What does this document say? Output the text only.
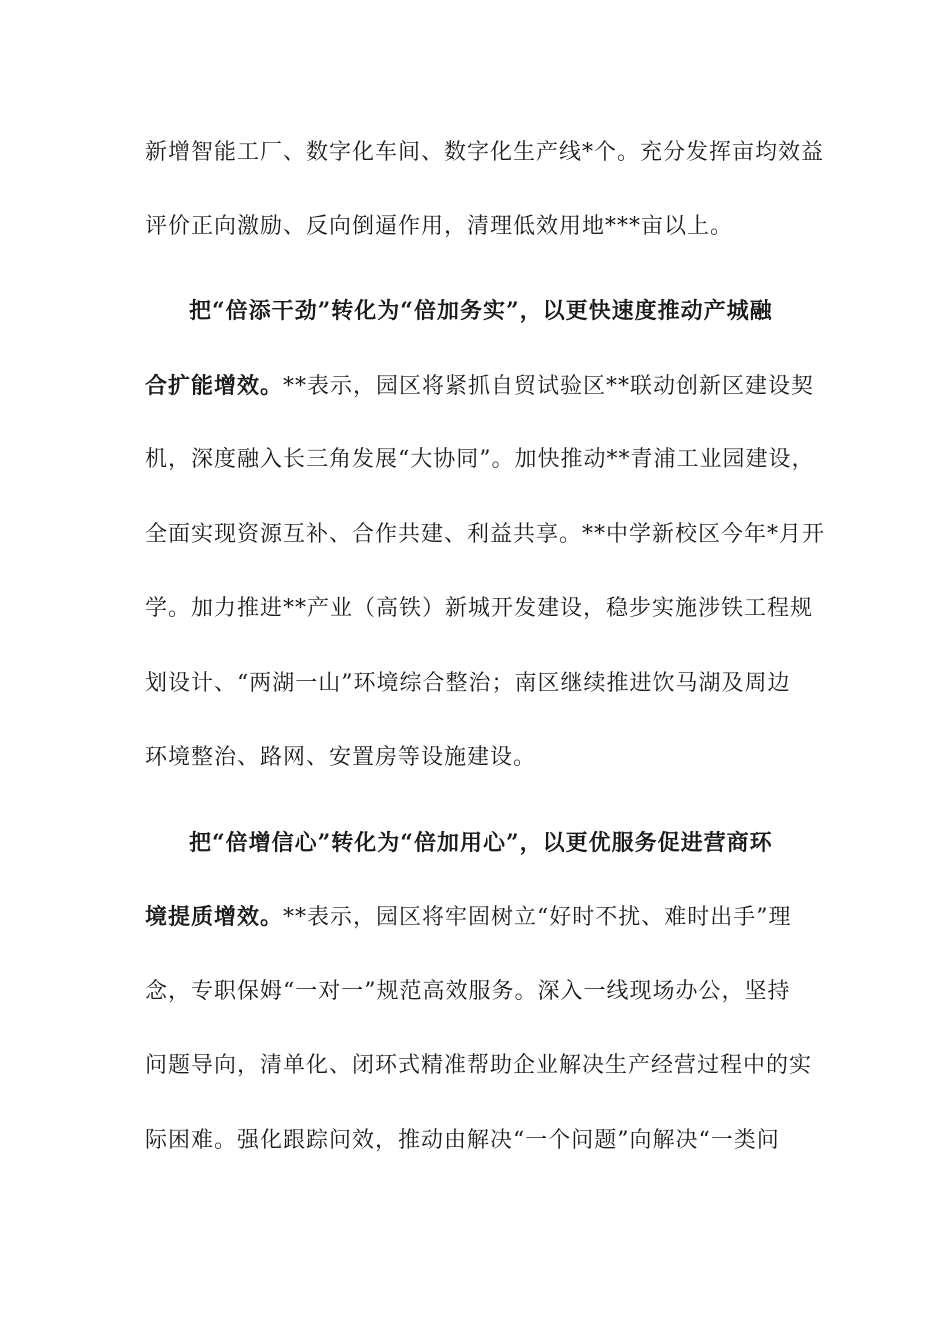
新增智能工厂、数字化车间、数字化生产线*个。充分发挥亩均效益
评价正向激励、反向倒逼作用，清理低效用地***亩以上。
把“倍添干劲”转化为“倍加务实”，以更快速度推动产城融
合扩能增效。**表示，园区将紧抓自贸试验区**联动创新区建设契
机，深度融入长三角发展“大协同”。加快推动**青浦工业园建设，
全面实现资源互补、合作共建、利益共享。**中学新校区今年*月开
学。加力推进**产业（高铁）新城开发建设，稳步实施涉铁工程规
划设计、“两湖一山”环境综合整治；南区继续推进饮马湖及周边
环境整治、路网、安置房等设施建设。
把“倍增信心”转化为“倍加用心”，以更优服务促进营商环
境提质增效。**表示，园区将牢固树立“好时不扰、难时出手”理
念，专职保姆“一对一”规范高效服务。深入一线现场办公，坚持
问题导向，清单化、闭环式精准帮助企业解决生产经营过程中的实
际困难。强化跟踪问效，推动由解决“一个问题”向解决“一类问
